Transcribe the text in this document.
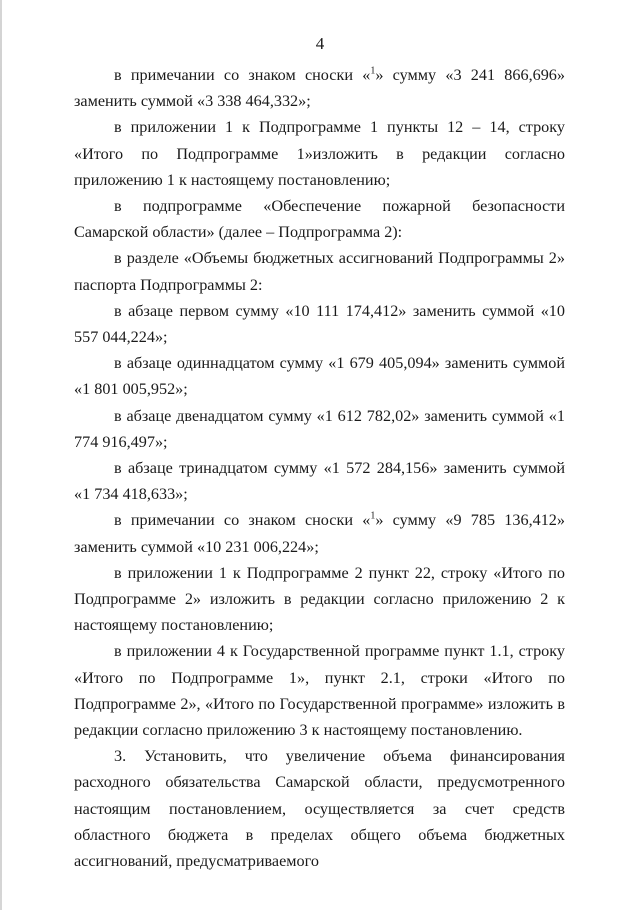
4

в примечании со знаком сноски «$^1$» сумму «3 241 866,696» заменить суммой «3 338 464,332»;

в приложении 1 к Подпрограмме 1 пункты 12 – 14, строку «Итого по Подпрограмме 1»изложить в редакции согласно приложению 1 к настоящему постановлению;

в подпрограмме «Обеспечение пожарной безопасности Самарской области» (далее – Подпрограмма 2):

в разделе «Объемы бюджетных ассигнований Подпрограммы 2» паспорта Подпрограммы 2:

в абзаце первом сумму «10 111 174,412» заменить суммой «10 557 044,224»;

в абзаце одиннадцатом сумму «1 679 405,094» заменить суммой «1 801 005,952»;

в абзаце двенадцатом сумму «1 612 782,02» заменить суммой «1 774 916,497»;

в абзаце тринадцатом сумму «1 572 284,156» заменить суммой «1 734 418,633»;

в примечании со знаком сноски «$^1$» сумму «9 785 136,412» заменить суммой «10 231 006,224»;

в приложении 1 к Подпрограмме 2 пункт 22, строку «Итого по Подпрограмме 2» изложить в редакции согласно приложению 2 к настоящему постановлению;

в приложении 4 к Государственной программе пункт 1.1, строку «Итого по Подпрограмме 1», пункт 2.1, строки «Итого по Подпрограмме 2», «Итого по Государственной программе» изложить в редакции согласно приложению 3 к настоящему постановлению.

3. Установить, что увеличение объема финансирования расходного обязательства Самарской области, предусмотренного настоящим постановлением, осуществляется за счет средств областного бюджета в пределах общего объема бюджетных ассигнований, предусматриваемого
